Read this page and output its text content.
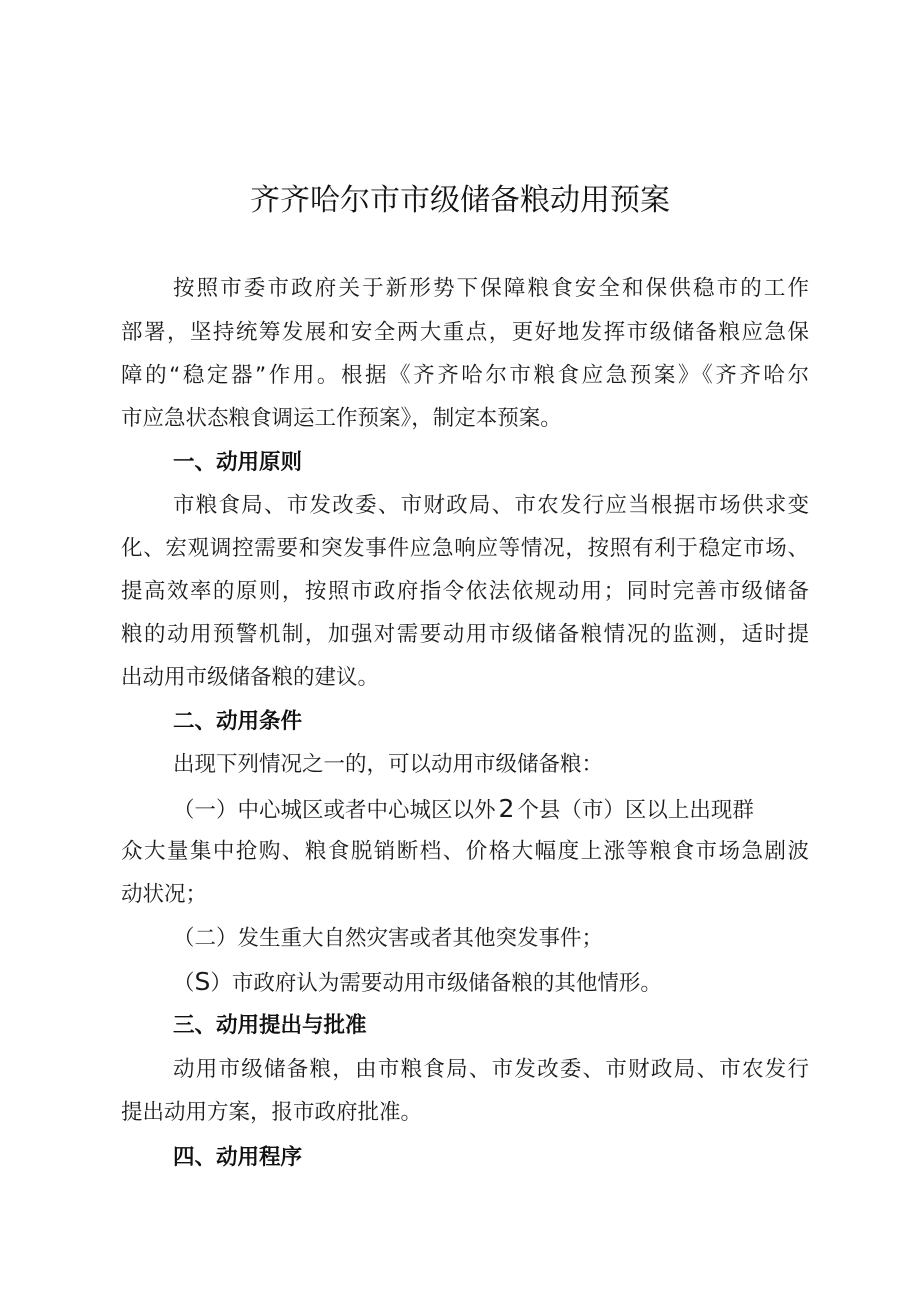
齐齐哈尔市市级储备粮动用预案
按照市委市政府关于新形势下保障粮食安全和保供稳市的工作
部署，坚持统筹发展和安全两大重点，更好地发挥市级储备粮应急保
障的“稳定器”作用。根据《齐齐哈尔市粮食应急预案》《齐齐哈尔
市应急状态粮食调运工作预案》，制定本预案。
一、动用原则
市粮食局、市发改委、市财政局、市农发行应当根据市场供求变
化、宏观调控需要和突发事件应急响应等情况，按照有利于稳定市场、
提高效率的原则，按照市政府指令依法依规动用；同时完善市级储备
粮的动用预警机制，加强对需要动用市级储备粮情况的监测，适时提
出动用市级储备粮的建议。
二、动用条件
出现下列情况之一的，可以动用市级储备粮：
（一）中心城区或者中心城区以外 2 个县（市）区以上出现群
众大量集中抢购、粮食脱销断档、价格大幅度上涨等粮食市场急剧波
动状况；
（二）发生重大自然灾害或者其他突发事件；
（S）市政府认为需要动用市级储备粮的其他情形。
三、动用提出与批准
动用市级储备粮，由市粮食局、市发改委、市财政局、市农发行
提出动用方案，报市政府批准。
四、动用程序
